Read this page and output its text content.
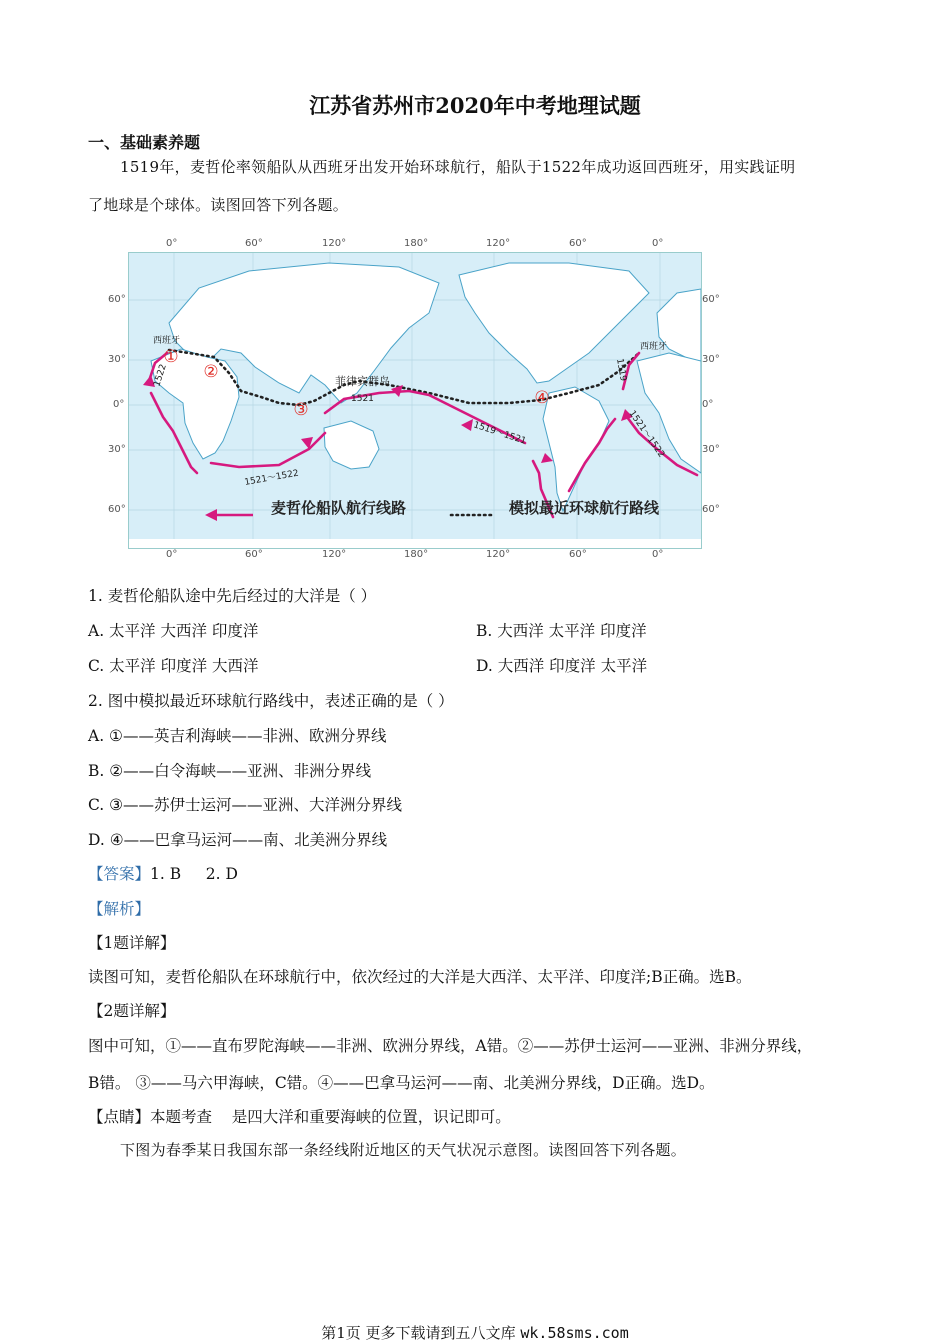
江苏省苏州市2020年中考地理试题
一、基础素养题
1519年，麦哲伦率领船队从西班牙出发开始环球航行，船队于1522年成功返回西班牙，用实践证明
了地球是个球体。读图回答下列各题。
0°	60°	120°	180°	120°	60°	0°
0°	60°	120°	180°	120°	60°	0°
60°
30°
0°
30°
60°
60°
30°
0°
30°
60°
①
②
③
④
西班牙
西班牙
菲律宾群岛
1521
1522	1519
1519～1521	1521～1522
1521～1522
麦哲伦船队航行线路	模拟最近环球航行路线
1. 麦哲伦船队途中先后经过的大洋是（ ）
A. 太平洋 大西洋 印度洋	B. 大西洋 太平洋 印度洋
C. 太平洋 印度洋 大西洋	D. 大西洋 印度洋 太平洋
2. 图中模拟最近环球航行路线中，表述正确的是（ ）
A. ①——英吉利海峡——非洲、欧洲分界线
B. ②——白令海峡——亚洲、非洲分界线
C. ③——苏伊士运河——亚洲、大洋洲分界线
D. ④——巴拿马运河——南、北美洲分界线
【答案】1. B     2. D
【解析】
【1题详解】
读图可知，麦哲伦船队在环球航行中，依次经过的大洋是大西洋、太平洋、印度洋;B正确。选B。
【2题详解】
图中可知，①——直布罗陀海峡——非洲、欧洲分界线，A错。②——苏伊士运河——亚洲、非洲分界线，
B错。 ③——马六甲海峡，C错。④——巴拿马运河——南、北美洲分界线，D正确。选D。
【点睛】本题考查    是四大洋和重要海峡的位置，识记即可。
下图为春季某日我国东部一条经线附近地区的天气状况示意图。读图回答下列各题。
第1页 更多下载请到五八文库 wk.58sms.com
